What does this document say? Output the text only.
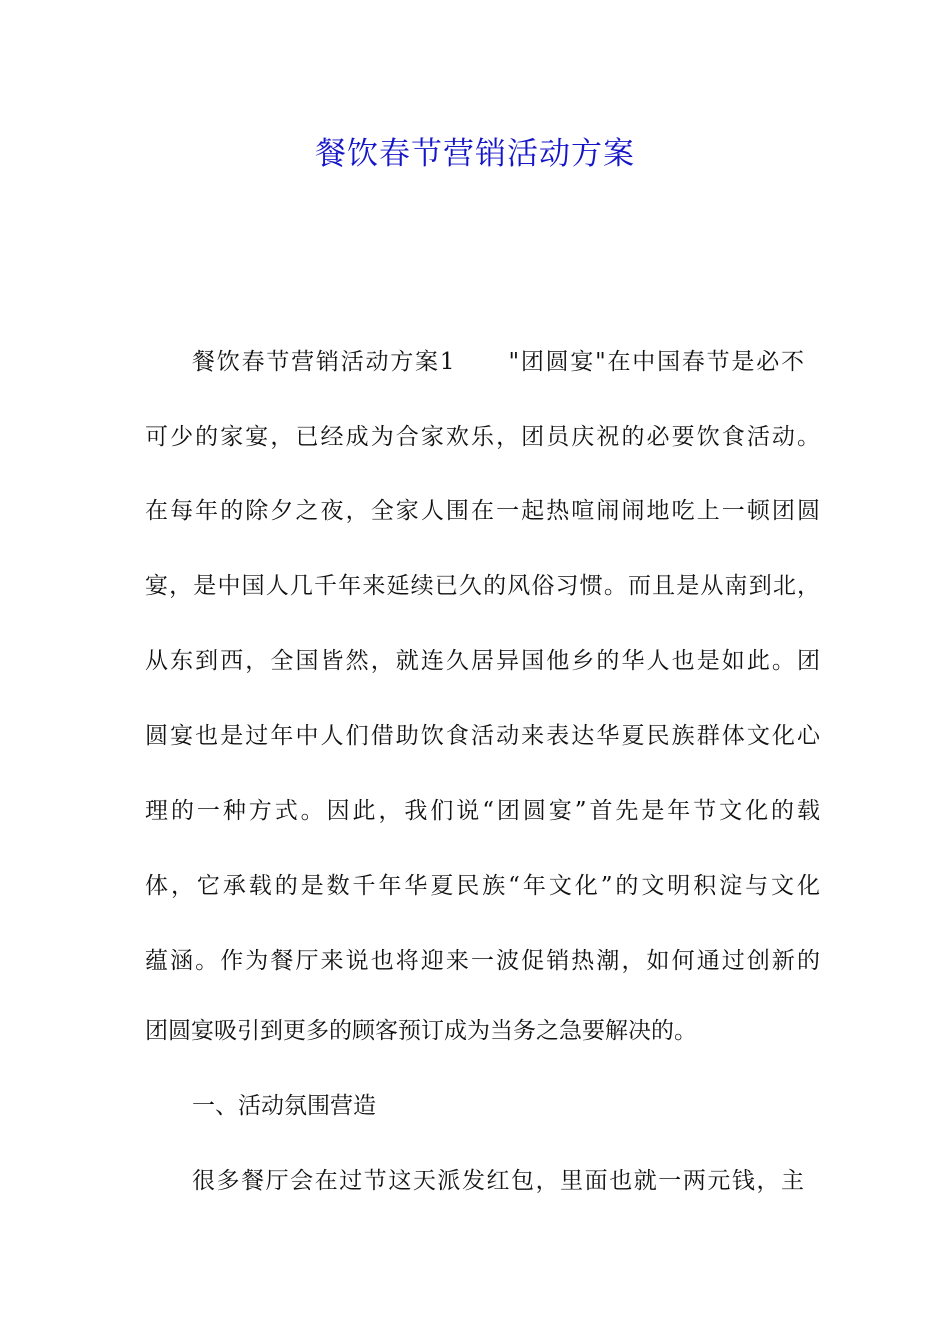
餐饮春节营销活动方案
餐饮春节营销活动方案1 "团圆宴"在中国春节是必不
可少的家宴，已经成为合家欢乐，团员庆祝的必要饮食活动。
在每年的除夕之夜，全家人围在一起热喧闹闹地吃上一顿团圆
宴，是中国人几千年来延续已久的风俗习惯。而且是从南到北，
从东到西，全国皆然，就连久居异国他乡的华人也是如此。团
圆宴也是过年中人们借助饮食活动来表达华夏民族群体文化心
理的一种方式。因此，我们说“团圆宴”首先是年节文化的载
体，它承载的是数千年华夏民族“年文化”的文明积淀与文化
蕴涵。作为餐厅来说也将迎来一波促销热潮，如何通过创新的
团圆宴吸引到更多的顾客预订成为当务之急要解决的。
一、活动氛围营造
很多餐厅会在过节这天派发红包，里面也就一两元钱，主
